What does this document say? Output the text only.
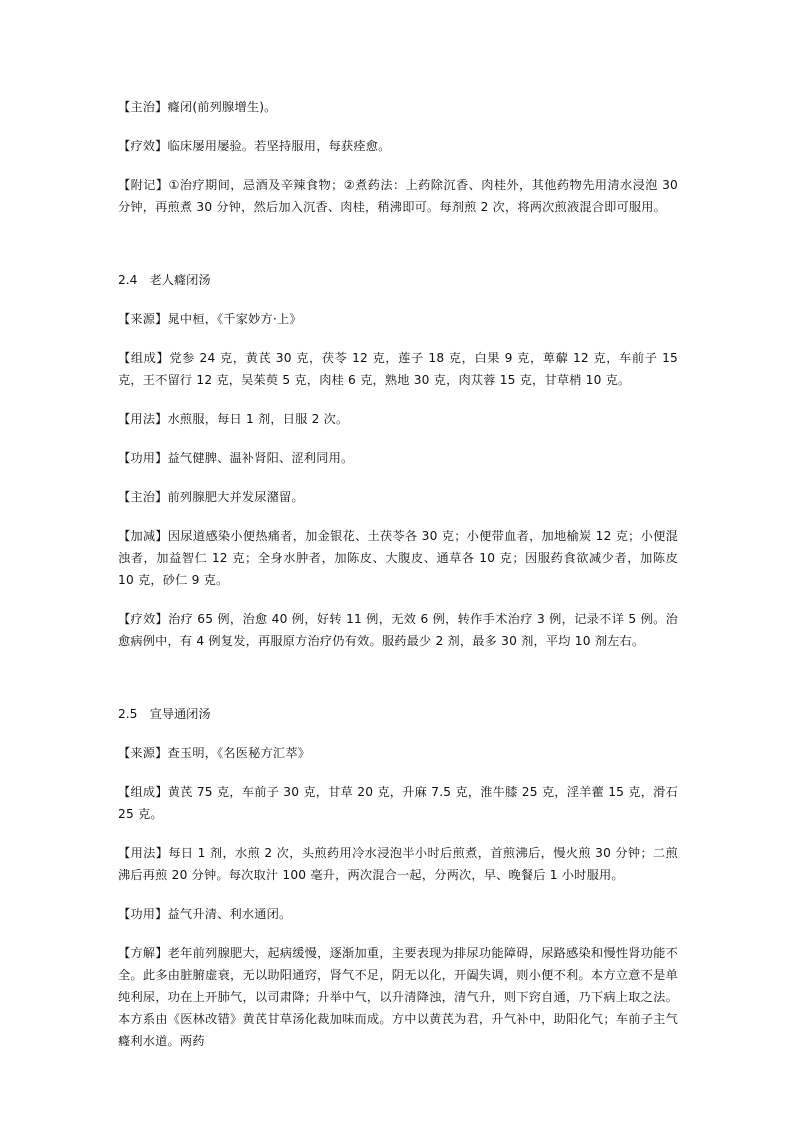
【主治】癃闭(前列腺增生)。

【疗效】临床屡用屡验。若坚持服用，每获痊愈。

【附记】①治疗期间，忌酒及辛辣食物；②煮药法：上药除沉香、肉桂外，其他药物先用清水浸泡 30 分钟，再煎煮 30 分钟，然后加入沉香、肉桂，稍沸即可。每剂煎 2 次，将两次煎液混合即可服用。

2.4　老人癃闭汤

【来源】晁中桓，《千家妙方·上》

【组成】党参 24 克，黄芪 30 克，茯苓 12 克，莲子 18 克，白果 9 克，萆薢 12 克，车前子 15 克，王不留行 12 克，吴茱萸 5 克，肉桂 6 克，熟地 30 克，肉苁蓉 15 克，甘草梢 10 克。

【用法】水煎服，每日 1 剂，日服 2 次。

【功用】益气健脾、温补肾阳、涩利同用。

【主治】前列腺肥大并发尿潴留。

【加减】因尿道感染小便热痛者，加金银花、土茯苓各 30 克；小便带血者，加地榆炭 12 克；小便混浊者，加益智仁 12 克；全身水肿者，加陈皮、大腹皮、通草各 10 克；因服药食欲减少者，加陈皮 10 克，砂仁 9 克。

【疗效】治疗 65 例，治愈 40 例，好转 11 例，无效 6 例，转作手术治疗 3 例，记录不详 5 例。治愈病例中，有 4 例复发，再服原方治疗仍有效。服药最少 2 剂，最多 30 剂，平均 10 剂左右。

2.5　宣导通闭汤

【来源】查玉明，《名医秘方汇萃》

【组成】黄芪 75 克，车前子 30 克，甘草 20 克，升麻 7.5 克，淮牛膝 25 克，淫羊藿 15 克，滑石 25 克。

【用法】每日 1 剂，水煎 2 次，头煎药用冷水浸泡半小时后煎煮，首煎沸后，慢火煎 30 分钟；二煎沸后再煎 20 分钟。每次取汁 100 毫升，两次混合一起，分两次，早、晚餐后 1 小时服用。

【功用】益气升清、利水通闭。

【方解】老年前列腺肥大，起病缓慢，逐渐加重，主要表现为排尿功能障碍，尿路感染和慢性肾功能不全。此多由脏腑虚衰，无以助阳通窍，肾气不足，阴无以化，开阖失调，则小便不利。本方立意不是单纯利尿，功在上开肺气，以司肃降；升举中气，以升清降浊，清气升，则下窍自通，乃下病上取之法。本方系由《医林改错》黄芪甘草汤化裁加味而成。方中以黄芪为君，升气补中，助阳化气；车前子主气癃利水道。两药
